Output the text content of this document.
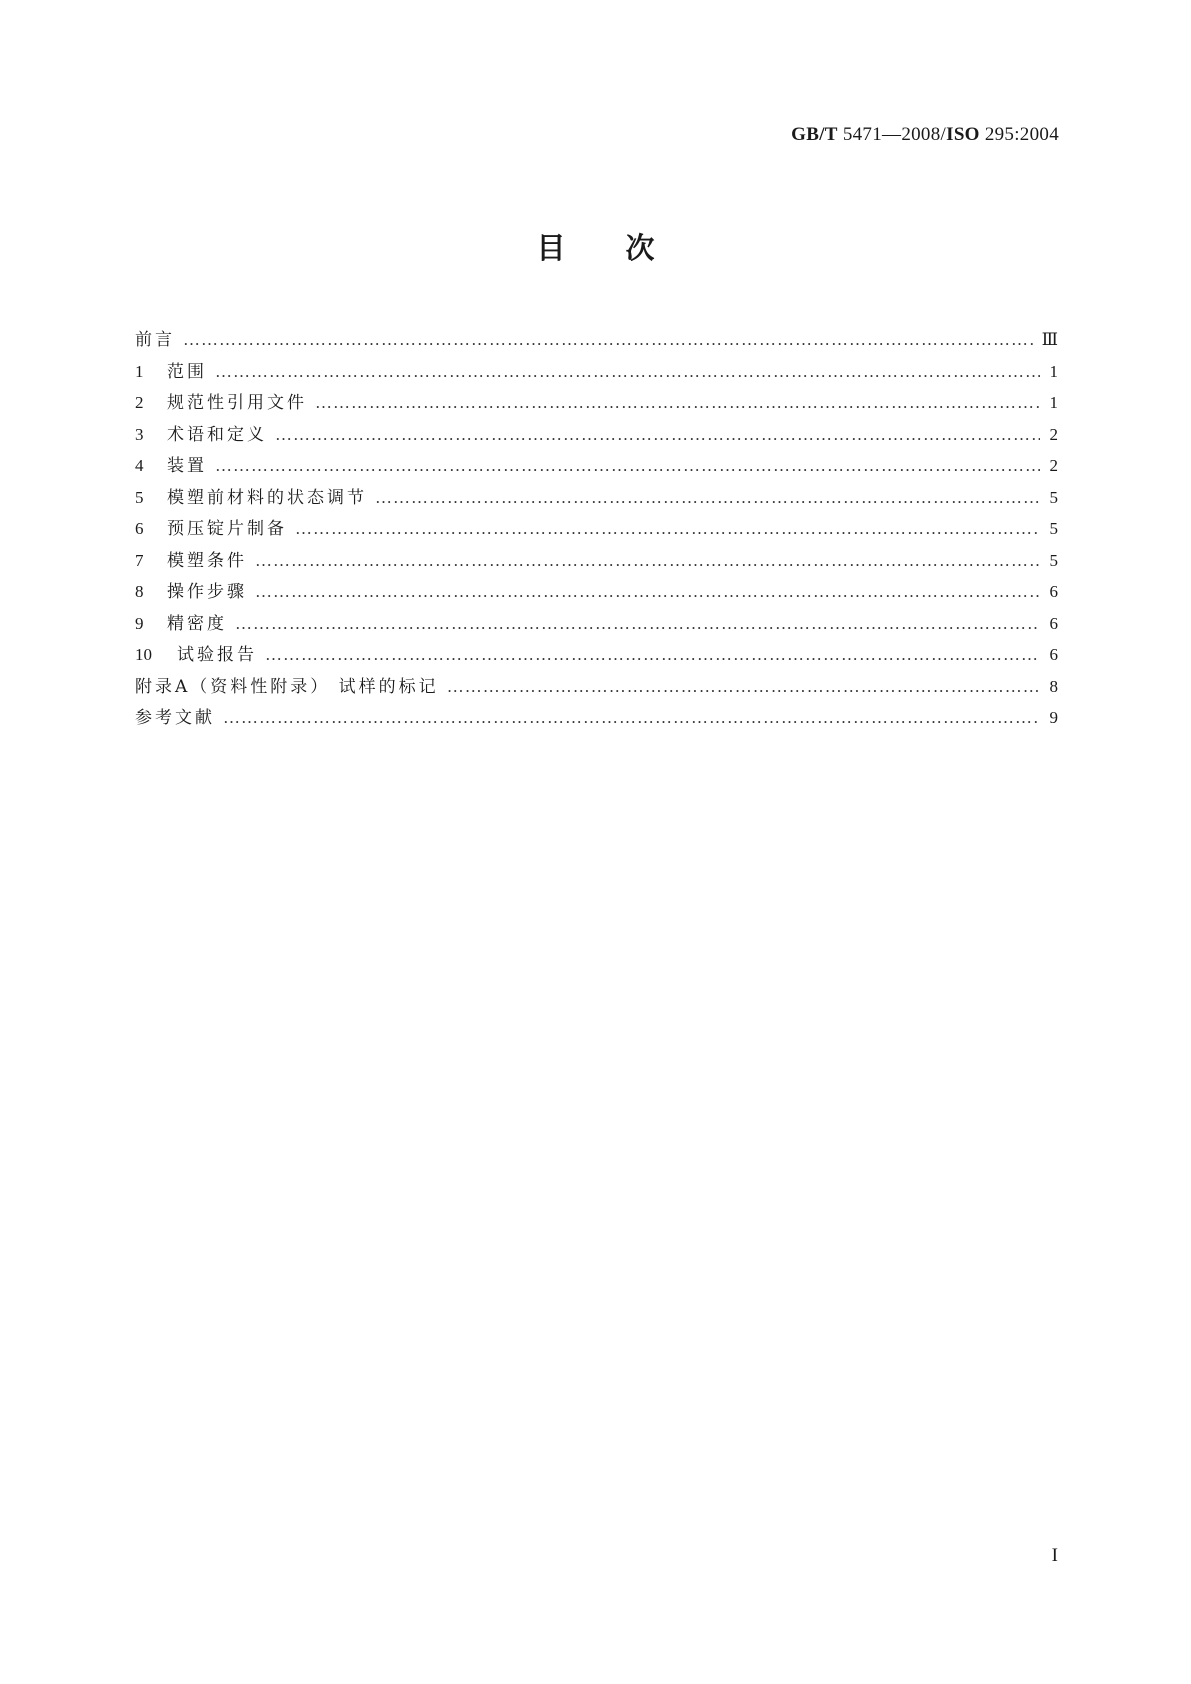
GB/T 5471—2008/ISO 295:2004
目次
前言 ……………………………………………………………………………………………………………………………………………………………………………………………………………………………………………	Ⅲ
1	范围 ……………………………………………………………………………………………………………………………………………………………………………………………………………………………………………	1
2	规范性引用文件 ……………………………………………………………………………………………………………………………………………………………………………………………………………………………………………	1
3	术语和定义 ……………………………………………………………………………………………………………………………………………………………………………………………………………………………………………	2
4	装置 ……………………………………………………………………………………………………………………………………………………………………………………………………………………………………………	2
5	模塑前材料的状态调节 ……………………………………………………………………………………………………………………………………………………………………………………………………………………………………………	5
6	预压锭片制备 ……………………………………………………………………………………………………………………………………………………………………………………………………………………………………………	5
7	模塑条件 ……………………………………………………………………………………………………………………………………………………………………………………………………………………………………………	5
8	操作步骤 ……………………………………………………………………………………………………………………………………………………………………………………………………………………………………………	6
9	精密度 ……………………………………………………………………………………………………………………………………………………………………………………………………………………………………………	6
10	试验报告 ……………………………………………………………………………………………………………………………………………………………………………………………………………………………………………	6
附录A（资料性附录） 试样的标记 ……………………………………………………………………………………………………………………………………………………………………………………………………………………………………………	8
参考文献 ……………………………………………………………………………………………………………………………………………………………………………………………………………………………………………	9
I
